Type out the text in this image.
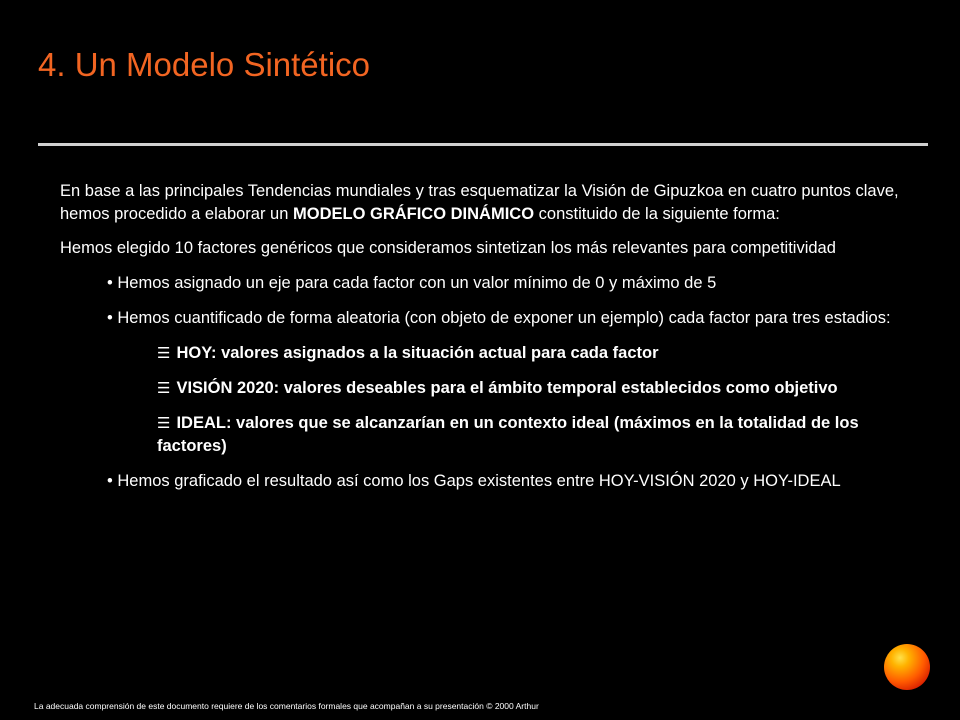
4. Un Modelo Sintético

En base a las principales Tendencias mundiales y tras esquematizar la Visión de Gipuzkoa en cuatro puntos clave, hemos procedido a elaborar un MODELO GRÁFICO DINÁMICO constituido de la siguiente forma:

Hemos elegido 10 factores genéricos que consideramos sintetizan los más relevantes para competitividad

• Hemos asignado un eje para cada factor con un valor mínimo de 0 y máximo de 5
• Hemos cuantificado de forma aleatoria (con objeto de exponer un ejemplo) cada factor para tres estadios:
☰ HOY: valores asignados a la situación actual para cada factor
☰ VISIÓN 2020: valores deseables para el ámbito temporal establecidos como objetivo
☰ IDEAL: valores que se alcanzarían en un contexto ideal (máximos en la totalidad de los factores)
• Hemos graficado el resultado así como los Gaps existentes entre HOY-VISIÓN 2020 y HOY-IDEAL
La adecuada comprensión de este documento requiere de los comentarios formales que acompañan a su presentación © 2000 Arthur
